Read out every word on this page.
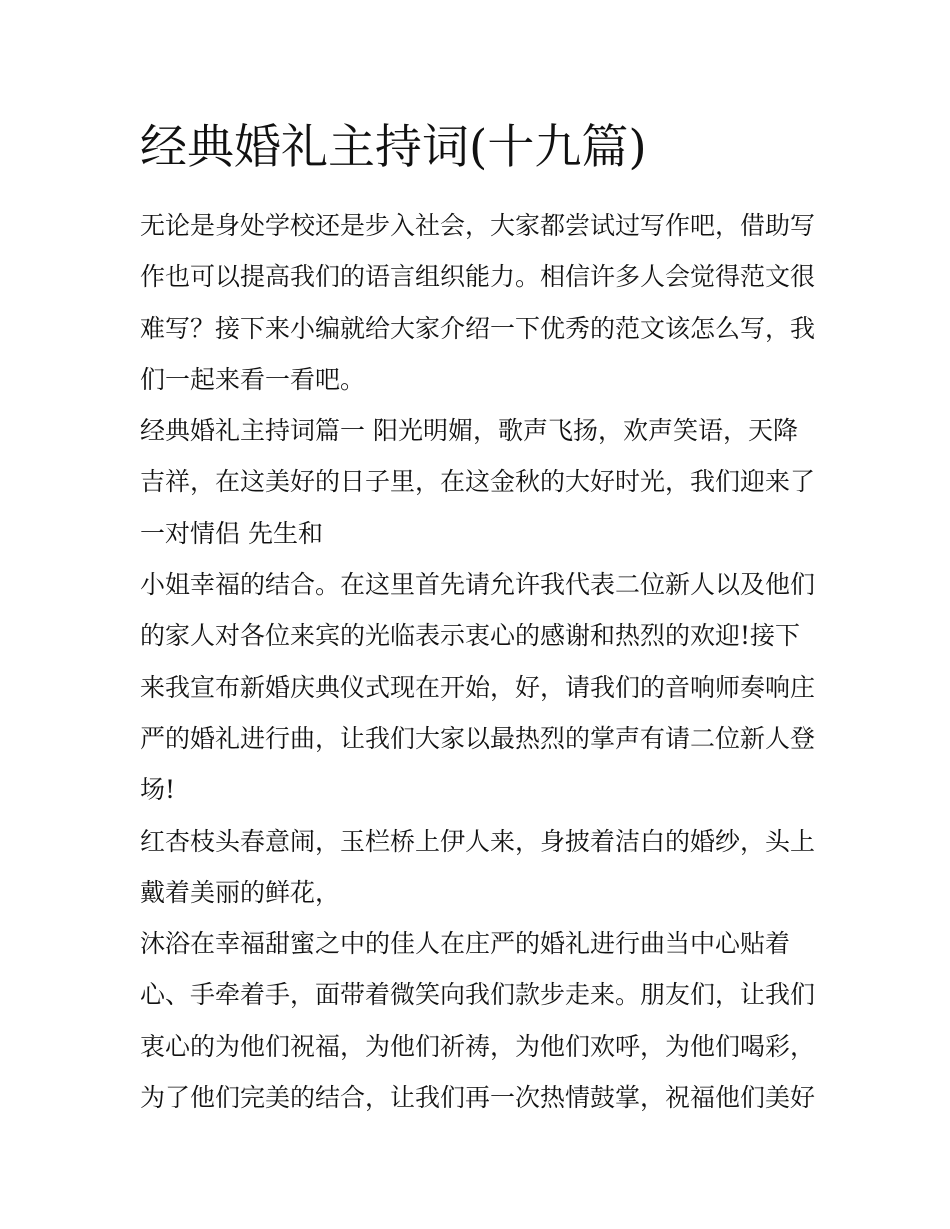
经典婚礼主持词(十九篇)
无论是身处学校还是步入社会，大家都尝试过写作吧，借助写
作也可以提高我们的语言组织能力。相信许多人会觉得范文很
难写？接下来小编就给大家介绍一下优秀的范文该怎么写，我
们一起来看一看吧。
经典婚礼主持词篇一 阳光明媚，歌声飞扬，欢声笑语，天降
吉祥，在这美好的日子里，在这金秋的大好时光，我们迎来了
一对情侣 先生和
小姐幸福的结合。在这里首先请允许我代表二位新人以及他们
的家人对各位来宾的光临表示衷心的感谢和热烈的欢迎!接下
来我宣布新婚庆典仪式现在开始，好，请我们的音响师奏响庄
严的婚礼进行曲，让我们大家以最热烈的掌声有请二位新人登
场!
红杏枝头春意闹，玉栏桥上伊人来，身披着洁白的婚纱，头上
戴着美丽的鲜花，
沐浴在幸福甜蜜之中的佳人在庄严的婚礼进行曲当中心贴着
心、手牵着手，面带着微笑向我们款步走来。朋友们，让我们
衷心的为他们祝福，为他们祈祷，为他们欢呼，为他们喝彩，
为了他们完美的结合，让我们再一次热情鼓掌，祝福他们美好
